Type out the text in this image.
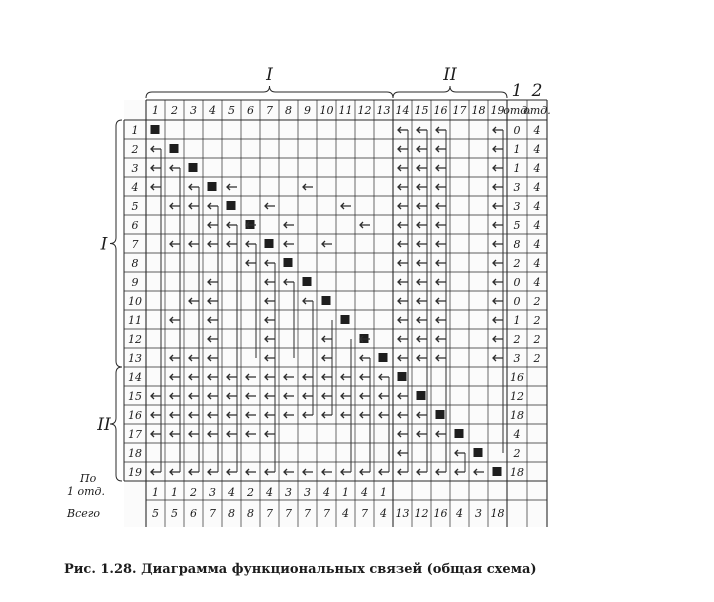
I	II
I
II
1 2
отд.
отд.
1 2 3 4 5 6 7 8 9 10 11 12 13 14 15 16 17 18 19
1
2
3
4
5
6
7
8
9
10
11
12
13
14
15
16
17
18
19
0
1
1
3
3
5
8
2
0
0
1
2
3
16
12
18
4
2
18
4
4
4
4
4
4
4
4
4
2
2
2
2
По
1 отд.
Всего
1 1 2 3 4 2 4 3 3 4 1 4 1
5 5 6 7 8 8 7 7 7 7 4 7 4 13 12 16 4 3 18
Рис. 1.28. Диаграмма функциональных связей (общая схема)
